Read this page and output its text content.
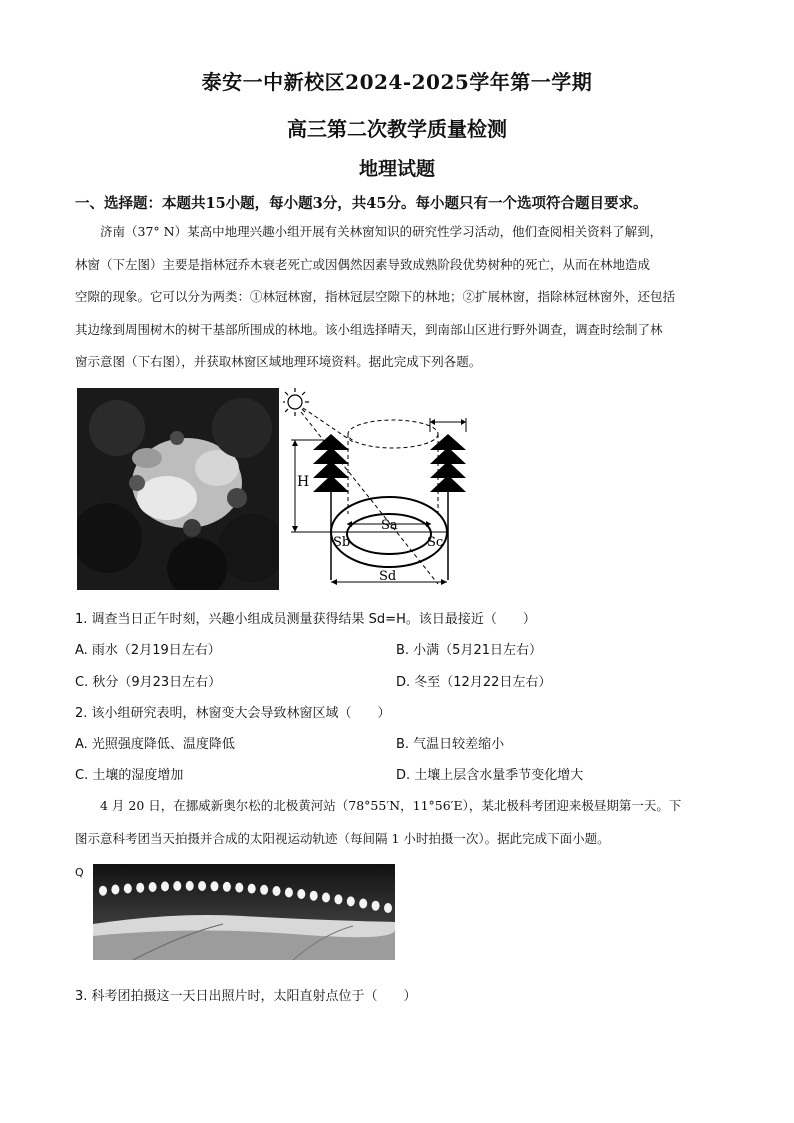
泰安一中新校区2024-2025学年第一学期
高三第二次教学质量检测
地理试题
一、选择题：本题共15小题，每小题3分，共45分。每小题只有一个选项符合题目要求。

济南（37° N）某高中地理兴趣小组开展有关林窗知识的研究性学习活动，他们查阅相关资料了解到，

林窗（下左图）主要是指林冠乔木衰老死亡或因偶然因素导致成熟阶段优势树种的死亡，从而在林地造成

空隙的现象。它可以分为两类：①林冠林窗，指林冠层空隙下的林地；②扩展林窗，指除林冠林窗外，还包括

其边缘到周围树木的树干基部所围成的林地。该小组选择晴天，到南部山区进行野外调查，调查时绘制了林

窗示意图（下右图），并获取林窗区域地理环境资料。据此完成下列各题。

H
Sa
Sb	Sc
Sd
1. 调查当日正午时刻，兴趣小组成员测量获得结果 Sd=H。该日最接近（　　）
A. 雨水（2月19日左右）	B. 小满（5月21日左右）
C. 秋分（9月23日左右）	D. 冬至（12月22日左右）
2. 该小组研究表明，林窗变大会导致林窗区域（　　）
A. 光照强度降低、温度降低	B. 气温日较差缩小
C. 土壤的湿度增加	D. 土壤上层含水量季节变化增大

4 月 20 日，在挪威新奥尔松的北极黄河站（78°55′N，11°56′E），某北极科考团迎来极昼期第一天。下

图示意科考团当天拍摄并合成的太阳视运动轨迹（每间隔 1 小时拍摄一次）。据此完成下面小题。

Q
3. 科考团拍摄这一天日出照片时，太阳直射点位于（　　）
